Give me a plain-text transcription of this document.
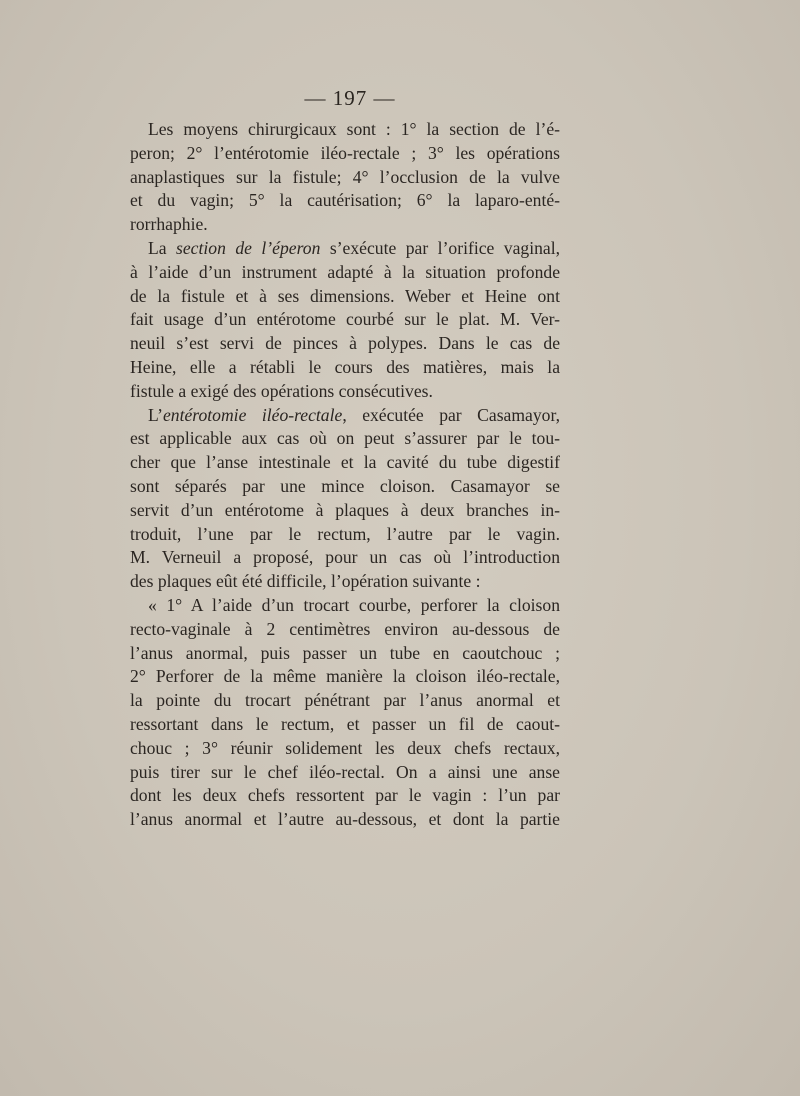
— 197 —
Les moyens chirurgicaux sont : 1° la section de l’é-
peron; 2° l’entérotomie iléo-rectale ; 3° les opérations
anaplastiques sur la fistule; 4° l’occlusion de la vulve
et du vagin; 5° la cautérisation; 6° la laparo-enté-
rorrhaphie.
La section de l’éperon s’exécute par l’orifice vaginal,
à l’aide d’un instrument adapté à la situation profonde
de la fistule et à ses dimensions. Weber et Heine ont
fait usage d’un entérotome courbé sur le plat. M. Ver-
neuil s’est servi de pinces à polypes. Dans le cas de
Heine, elle a rétabli le cours des matières, mais la
fistule a exigé des opérations consécutives.
L’entérotomie iléo-rectale, exécutée par Casamayor,
est applicable aux cas où on peut s’assurer par le tou-
cher que l’anse intestinale et la cavité du tube digestif
sont séparés par une mince cloison. Casamayor se
servit d’un entérotome à plaques à deux branches in-
troduit, l’une par le rectum, l’autre par le vagin.
M. Verneuil a proposé, pour un cas où l’introduction
des plaques eût été difficile, l’opération suivante :
« 1° A l’aide d’un trocart courbe, perforer la cloison
recto-vaginale à 2 centimètres environ au-dessous de
l’anus anormal, puis passer un tube en caoutchouc ;
2° Perforer de la même manière la cloison iléo-rectale,
la pointe du trocart pénétrant par l’anus anormal et
ressortant dans le rectum, et passer un fil de caout-
chouc ; 3° réunir solidement les deux chefs rectaux,
puis tirer sur le chef iléo-rectal. On a ainsi une anse
dont les deux chefs ressortent par le vagin : l’un par
l’anus anormal et l’autre au-dessous, et dont la partie
